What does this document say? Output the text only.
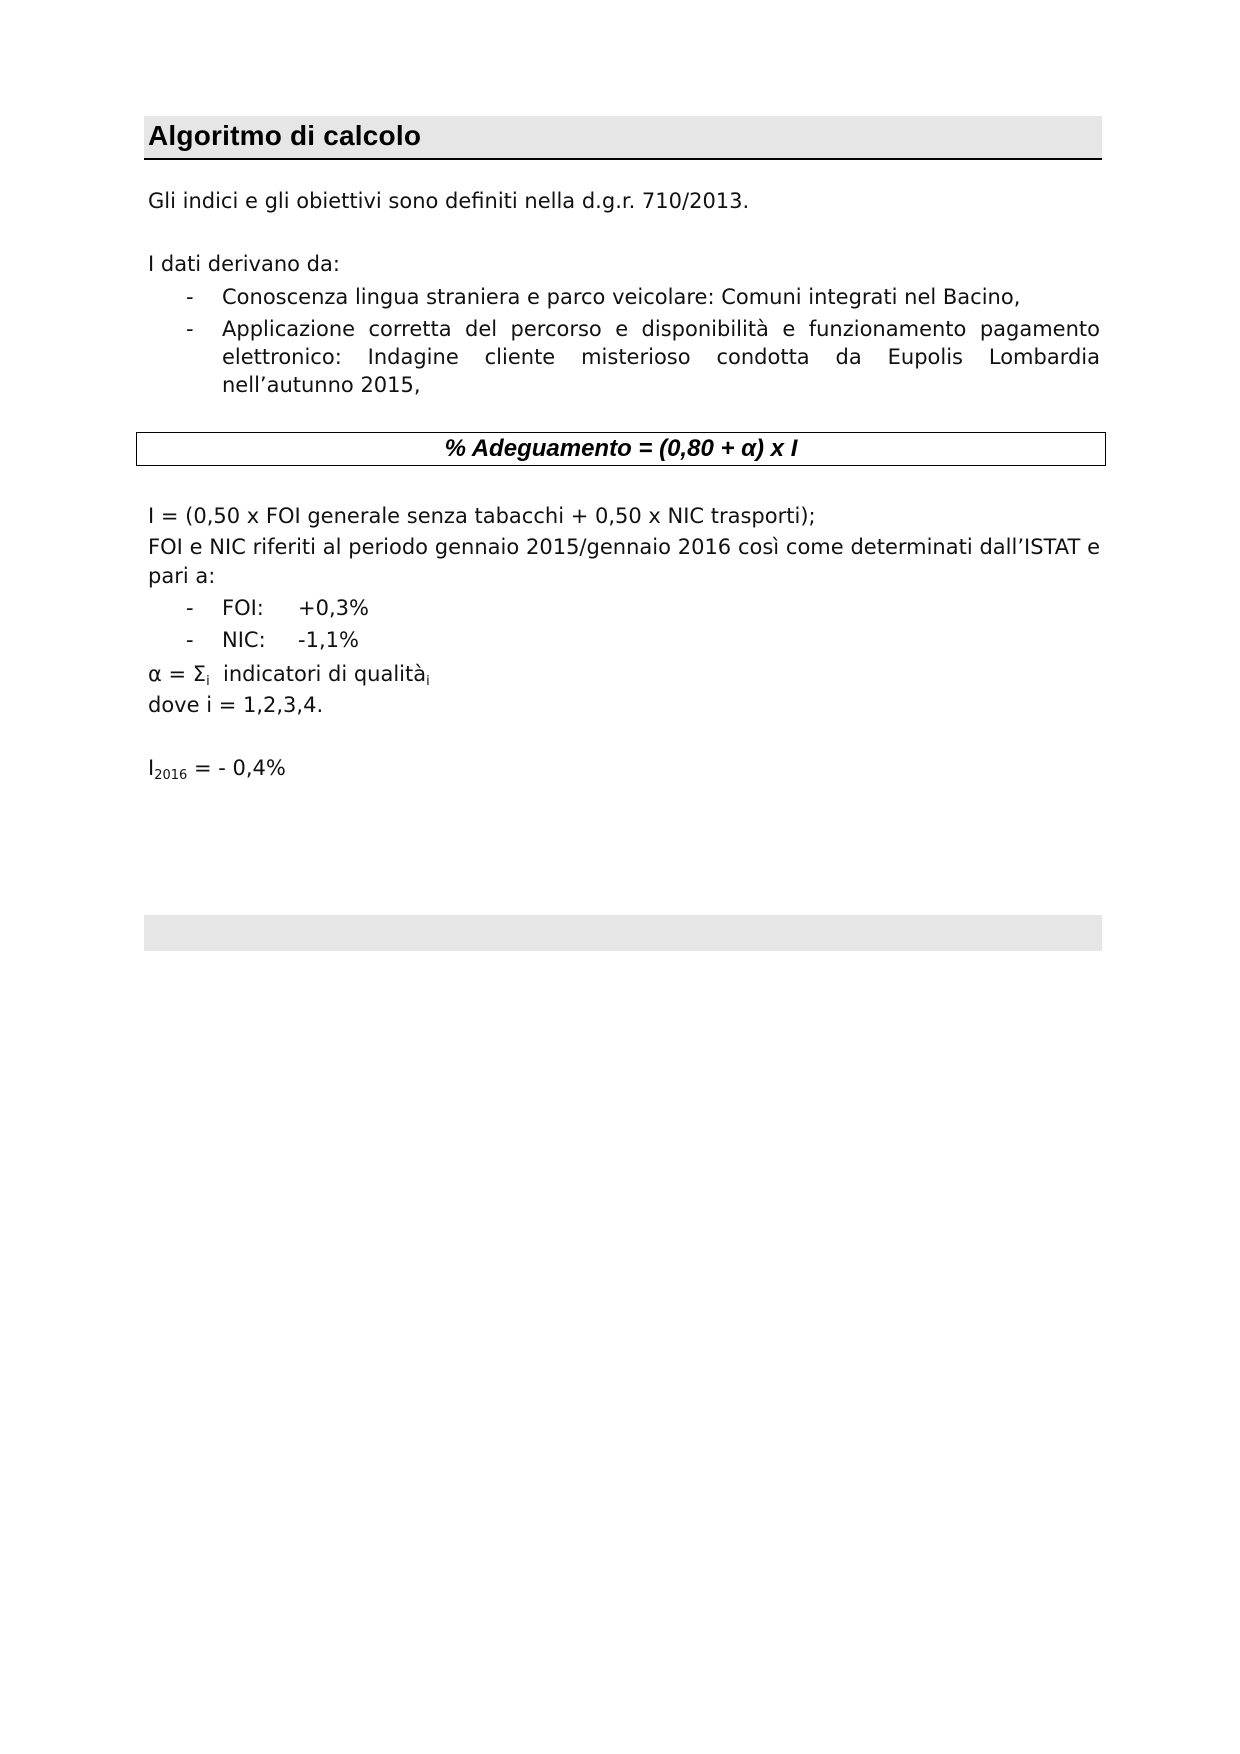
Algoritmo di calcolo
Gli indici e gli obiettivi sono definiti nella d.g.r. 710/2013.
I dati derivano da:
- Conoscenza lingua straniera e parco veicolare: Comuni integrati nel Bacino,
- Applicazione corretta del percorso e disponibilità e funzionamento pagamento elettronico: Indagine cliente misterioso condotta da Eupolis Lombardia nell’autunno 2015,
% Adeguamento = (0,80 + α) x I
I = (0,50 x FOI generale senza tabacchi + 0,50 x NIC trasporti);
FOI e NIC riferiti al periodo gennaio 2015/gennaio 2016 così come determinati dall’ISTAT e
pari a:
- FOI: +0,3%
- NIC: -1,1%
$\alpha = \Sigma_i$  indicatori di qualità$_i$
dove i = 1,2,3,4.
$I_{2016}$ = - 0,4%
